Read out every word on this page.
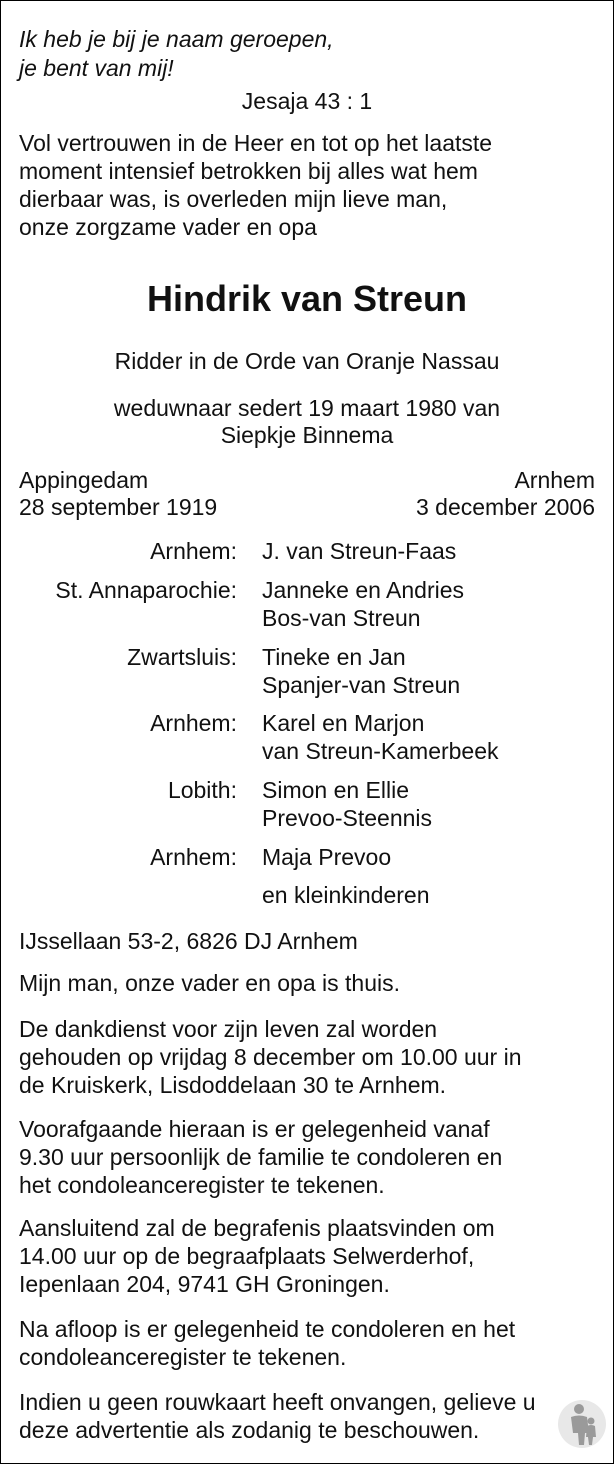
Ik heb je bij je naam geroepen,
je bent van mij!
Jesaja 43 : 1
Vol vertrouwen in de Heer en tot op het laatste
moment intensief betrokken bij alles wat hem
dierbaar was, is overleden mijn lieve man,
onze zorgzame vader en opa
Hindrik van Streun
Ridder in de Orde van Oranje Nassau
weduwnaar sedert 19 maart 1980 van
Siepkje Binnema
Appingedam
28 september 1919
Arnhem
3 december 2006
Arnhem: J. van Streun-Faas
St. Annaparochie: Janneke en Andries
Bos-van Streun
Zwartsluis: Tineke en Jan
Spanjer-van Streun
Arnhem: Karel en Marjon
van Streun-Kamerbeek
Lobith: Simon en Ellie
Prevoo-Steennis
Arnhem: Maja Prevoo
en kleinkinderen
IJssellaan 53-2, 6826 DJ Arnhem
Mijn man, onze vader en opa is thuis.
De dankdienst voor zijn leven zal worden
gehouden op vrijdag 8 december om 10.00 uur in
de Kruiskerk, Lisdoddelaan 30 te Arnhem.
Voorafgaande hieraan is er gelegenheid vanaf
9.30 uur persoonlijk de familie te condoleren en
het condoleanceregister te tekenen.
Aansluitend zal de begrafenis plaatsvinden om
14.00 uur op de begraafplaats Selwerderhof,
Iepenlaan 204, 9741 GH Groningen.
Na afloop is er gelegenheid te condoleren en het
condoleanceregister te tekenen.
Indien u geen rouwkaart heeft onvangen, gelieve u
deze advertentie als zodanig te beschouwen.
